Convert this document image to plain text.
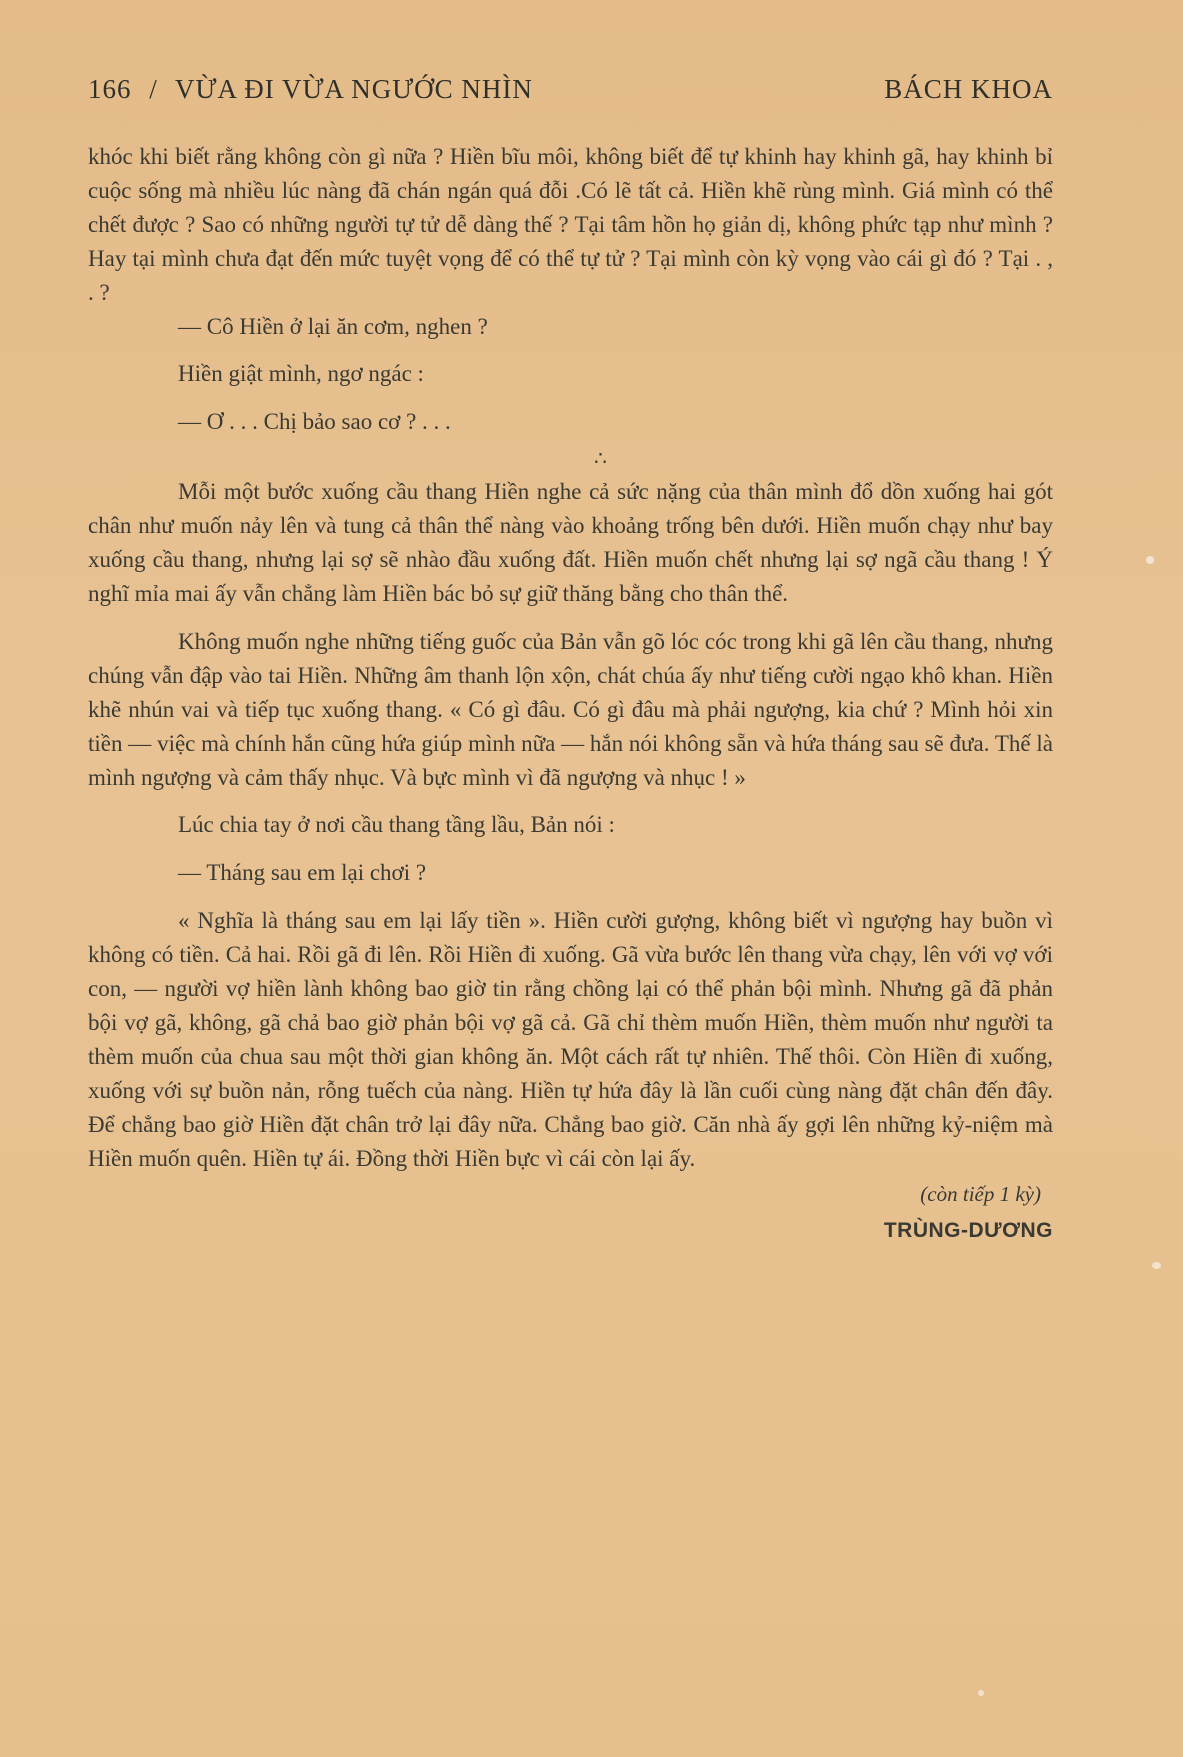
166 / VỪA ĐI VỪA NGƯỚC NHÌN	BÁCH KHOA

khóc khi biết rằng không còn gì nữa ? Hiền bĩu môi, không biết để tự khinh hay khinh gã, hay khinh bỉ cuộc sống mà nhiều lúc nàng đã chán ngán quá đỗi .Có lẽ tất cả. Hiền khẽ rùng mình. Giá mình có thể chết được ? Sao có những người tự tử dễ dàng thế ? Tại tâm hồn họ giản dị, không phức tạp như mình ? Hay tại mình chưa đạt đến mức tuyệt vọng để có thể tự tử ? Tại mình còn kỳ vọng vào cái gì đó ? Tại . , . ?

— Cô Hiền ở lại ăn cơm, nghen ?

Hiền giật mình, ngơ ngác :

— Ơ . . . Chị bảo sao cơ ? . . .

∴

Mỗi một bước xuống cầu thang Hiền nghe cả sức nặng của thân mình đổ dồn xuống hai gót chân như muốn nảy lên và tung cả thân thể nàng vào khoảng trống bên dưới. Hiền muốn chạy như bay xuống cầu thang, nhưng lại sợ sẽ nhào đầu xuống đất. Hiền muốn chết nhưng lại sợ ngã cầu thang ! Ý nghĩ mỉa mai ấy vẫn chẳng làm Hiền bác bỏ sự giữ thăng bằng cho thân thể.

Không muốn nghe những tiếng guốc của Bản vẫn gõ lóc cóc trong khi gã lên cầu thang, nhưng chúng vẫn đập vào tai Hiền. Những âm thanh lộn xộn, chát chúa ấy như tiếng cười ngạo khô khan. Hiền khẽ nhún vai và tiếp tục xuống thang. « Có gì đâu. Có gì đâu mà phải ngượng, kia chứ ? Mình hỏi xin tiền — việc mà chính hắn cũng hứa giúp mình nữa — hắn nói không sẵn và hứa tháng sau sẽ đưa. Thế là mình ngượng và cảm thấy nhục. Và bực mình vì đã ngượng và nhục ! »

Lúc chia tay ở nơi cầu thang tầng lầu, Bản nói :

— Tháng sau em lại chơi ?

« Nghĩa là tháng sau em lại lấy tiền ». Hiền cười gượng, không biết vì ngượng hay buồn vì không có tiền. Cả hai. Rồi gã đi lên. Rồi Hiền đi xuống. Gã vừa bước lên thang vừa chạy, lên với vợ với con, — người vợ hiền lành không bao giờ tin rằng chồng lại có thể phản bội mình. Nhưng gã đã phản bội vợ gã, không, gã chả bao giờ phản bội vợ gã cả. Gã chỉ thèm muốn Hiền, thèm muốn như người ta thèm muốn của chua sau một thời gian không ăn. Một cách rất tự nhiên. Thế thôi. Còn Hiền đi xuống, xuống với sự buồn nản, rỗng tuếch của nàng. Hiền tự hứa đây là lần cuối cùng nàng đặt chân đến đây. Để chẳng bao giờ Hiền đặt chân trở lại đây nữa. Chẳng bao giờ. Căn nhà ấy gợi lên những kỷ-niệm mà Hiền muốn quên. Hiền tự ái. Đồng thời Hiền bực vì cái còn lại ấy.

(còn tiếp 1 kỳ)

TRÙNG-DƯƠNG
